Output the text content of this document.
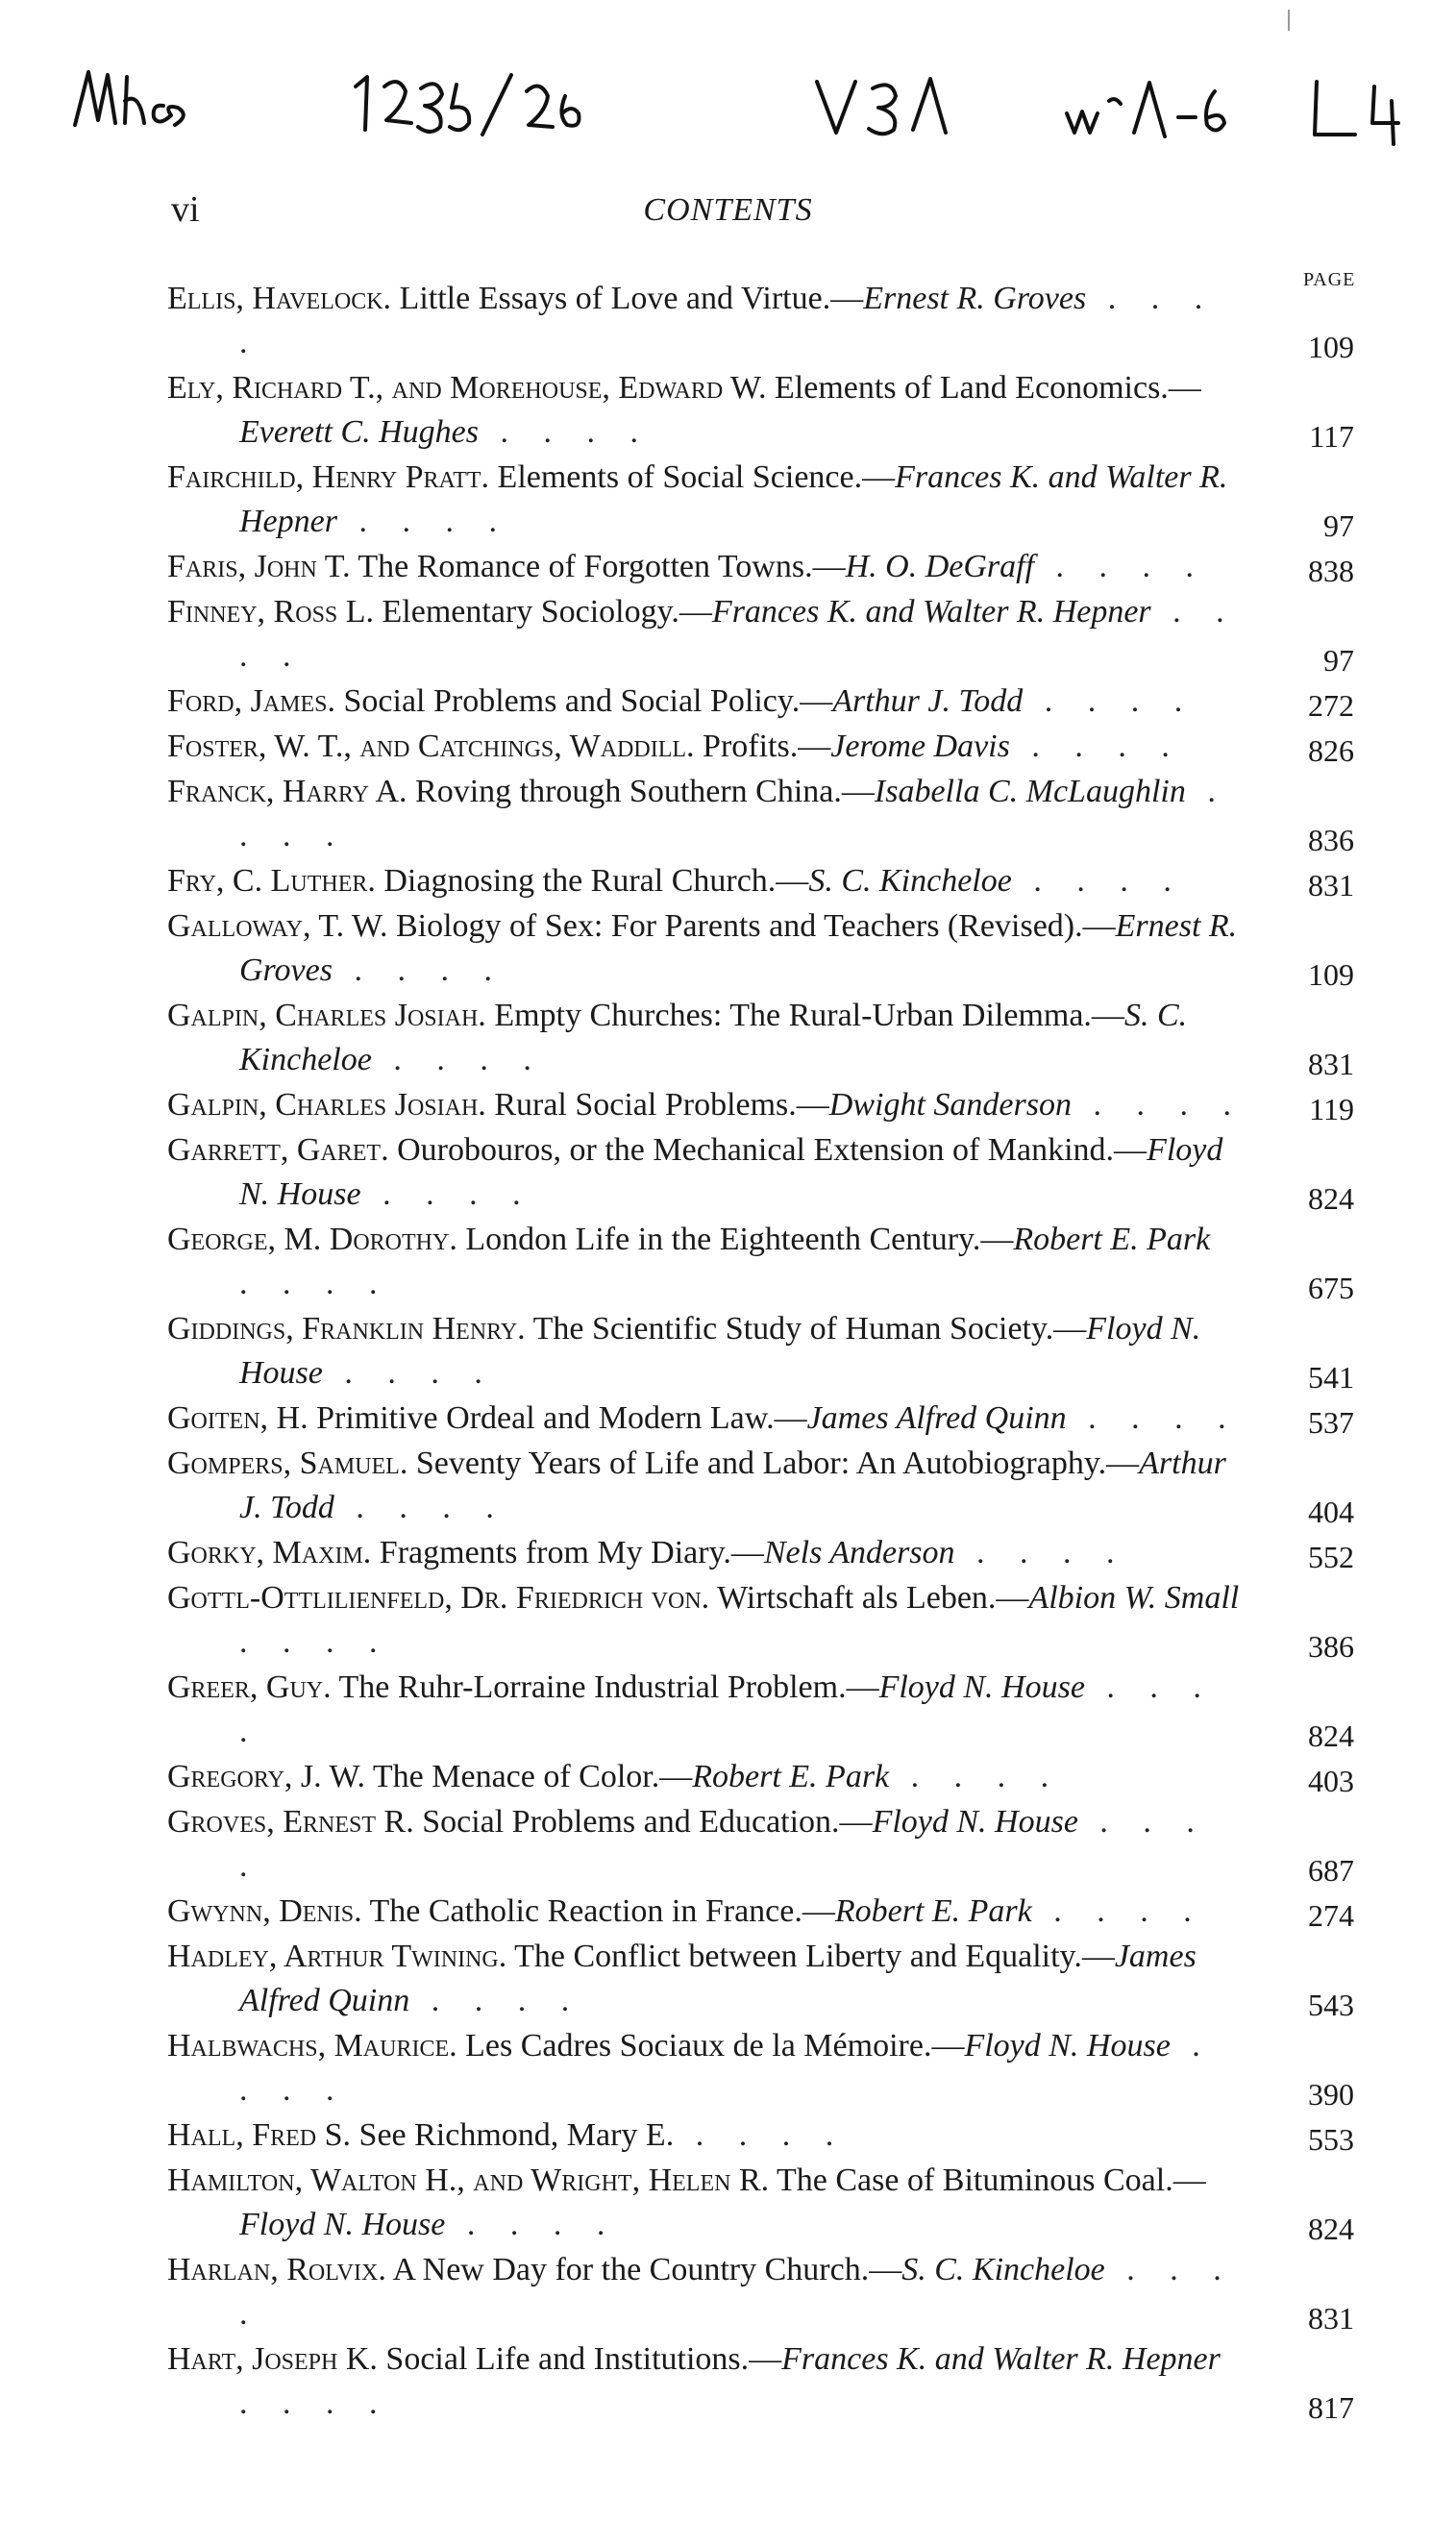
vi	CONTENTS
PAGE
Ellis, Havelock. Little Essays of Love and Virtue.—Ernest R. Groves . . . .	109
Ely, Richard T., and Morehouse, Edward W. Elements of Land Economics.—Everett C. Hughes . . . .	117
Fairchild, Henry Pratt. Elements of Social Science.—Frances K. and Walter R. Hepner . . . .	97
Faris, John T. The Romance of Forgotten Towns.—H. O. DeGraff . . . .	838
Finney, Ross L. Elementary Sociology.—Frances K. and Walter R. Hepner . . . .	97
Ford, James. Social Problems and Social Policy.—Arthur J. Todd . . . .	272
Foster, W. T., and Catchings, Waddill. Profits.—Jerome Davis . . . .	826
Franck, Harry A. Roving through Southern China.—Isabella C. McLaughlin . . . .	836
Fry, C. Luther. Diagnosing the Rural Church.—S. C. Kincheloe . . . .	831
Galloway, T. W. Biology of Sex: For Parents and Teachers (Revised).—Ernest R. Groves . . . .	109
Galpin, Charles Josiah. Empty Churches: The Rural-Urban Dilemma.—S. C. Kincheloe . . . .	831
Galpin, Charles Josiah. Rural Social Problems.—Dwight Sanderson . . . .	119
Garrett, Garet. Ourobouros, or the Mechanical Extension of Mankind.—Floyd N. House . . . .	824
George, M. Dorothy. London Life in the Eighteenth Century.—Robert E. Park . . . .	675
Giddings, Franklin Henry. The Scientific Study of Human Society.—Floyd N. House . . . .	541
Goiten, H. Primitive Ordeal and Modern Law.—James Alfred Quinn . . . .	537
Gompers, Samuel. Seventy Years of Life and Labor: An Autobiography.—Arthur J. Todd . . . .	404
Gorky, Maxim. Fragments from My Diary.—Nels Anderson . . . .	552
Gottl-Ottlilienfeld, Dr. Friedrich von. Wirtschaft als Leben.—Albion W. Small . . . .	386
Greer, Guy. The Ruhr-Lorraine Industrial Problem.—Floyd N. House . . . .	824
Gregory, J. W. The Menace of Color.—Robert E. Park . . . .	403
Groves, Ernest R. Social Problems and Education.—Floyd N. House . . . .	687
Gwynn, Denis. The Catholic Reaction in France.—Robert E. Park . . . .	274
Hadley, Arthur Twining. The Conflict between Liberty and Equality.—James Alfred Quinn . . . .	543
Halbwachs, Maurice. Les Cadres Sociaux de la Mémoire.—Floyd N. House . . . .	390
Hall, Fred S. See Richmond, Mary E. . . . .	553
Hamilton, Walton H., and Wright, Helen R. The Case of Bituminous Coal.—Floyd N. House . . . .	824
Harlan, Rolvix. A New Day for the Country Church.—S. C. Kincheloe . . . .	831
Hart, Joseph K. Social Life and Institutions.—Frances K. and Walter R. Hepner . . . .	817
